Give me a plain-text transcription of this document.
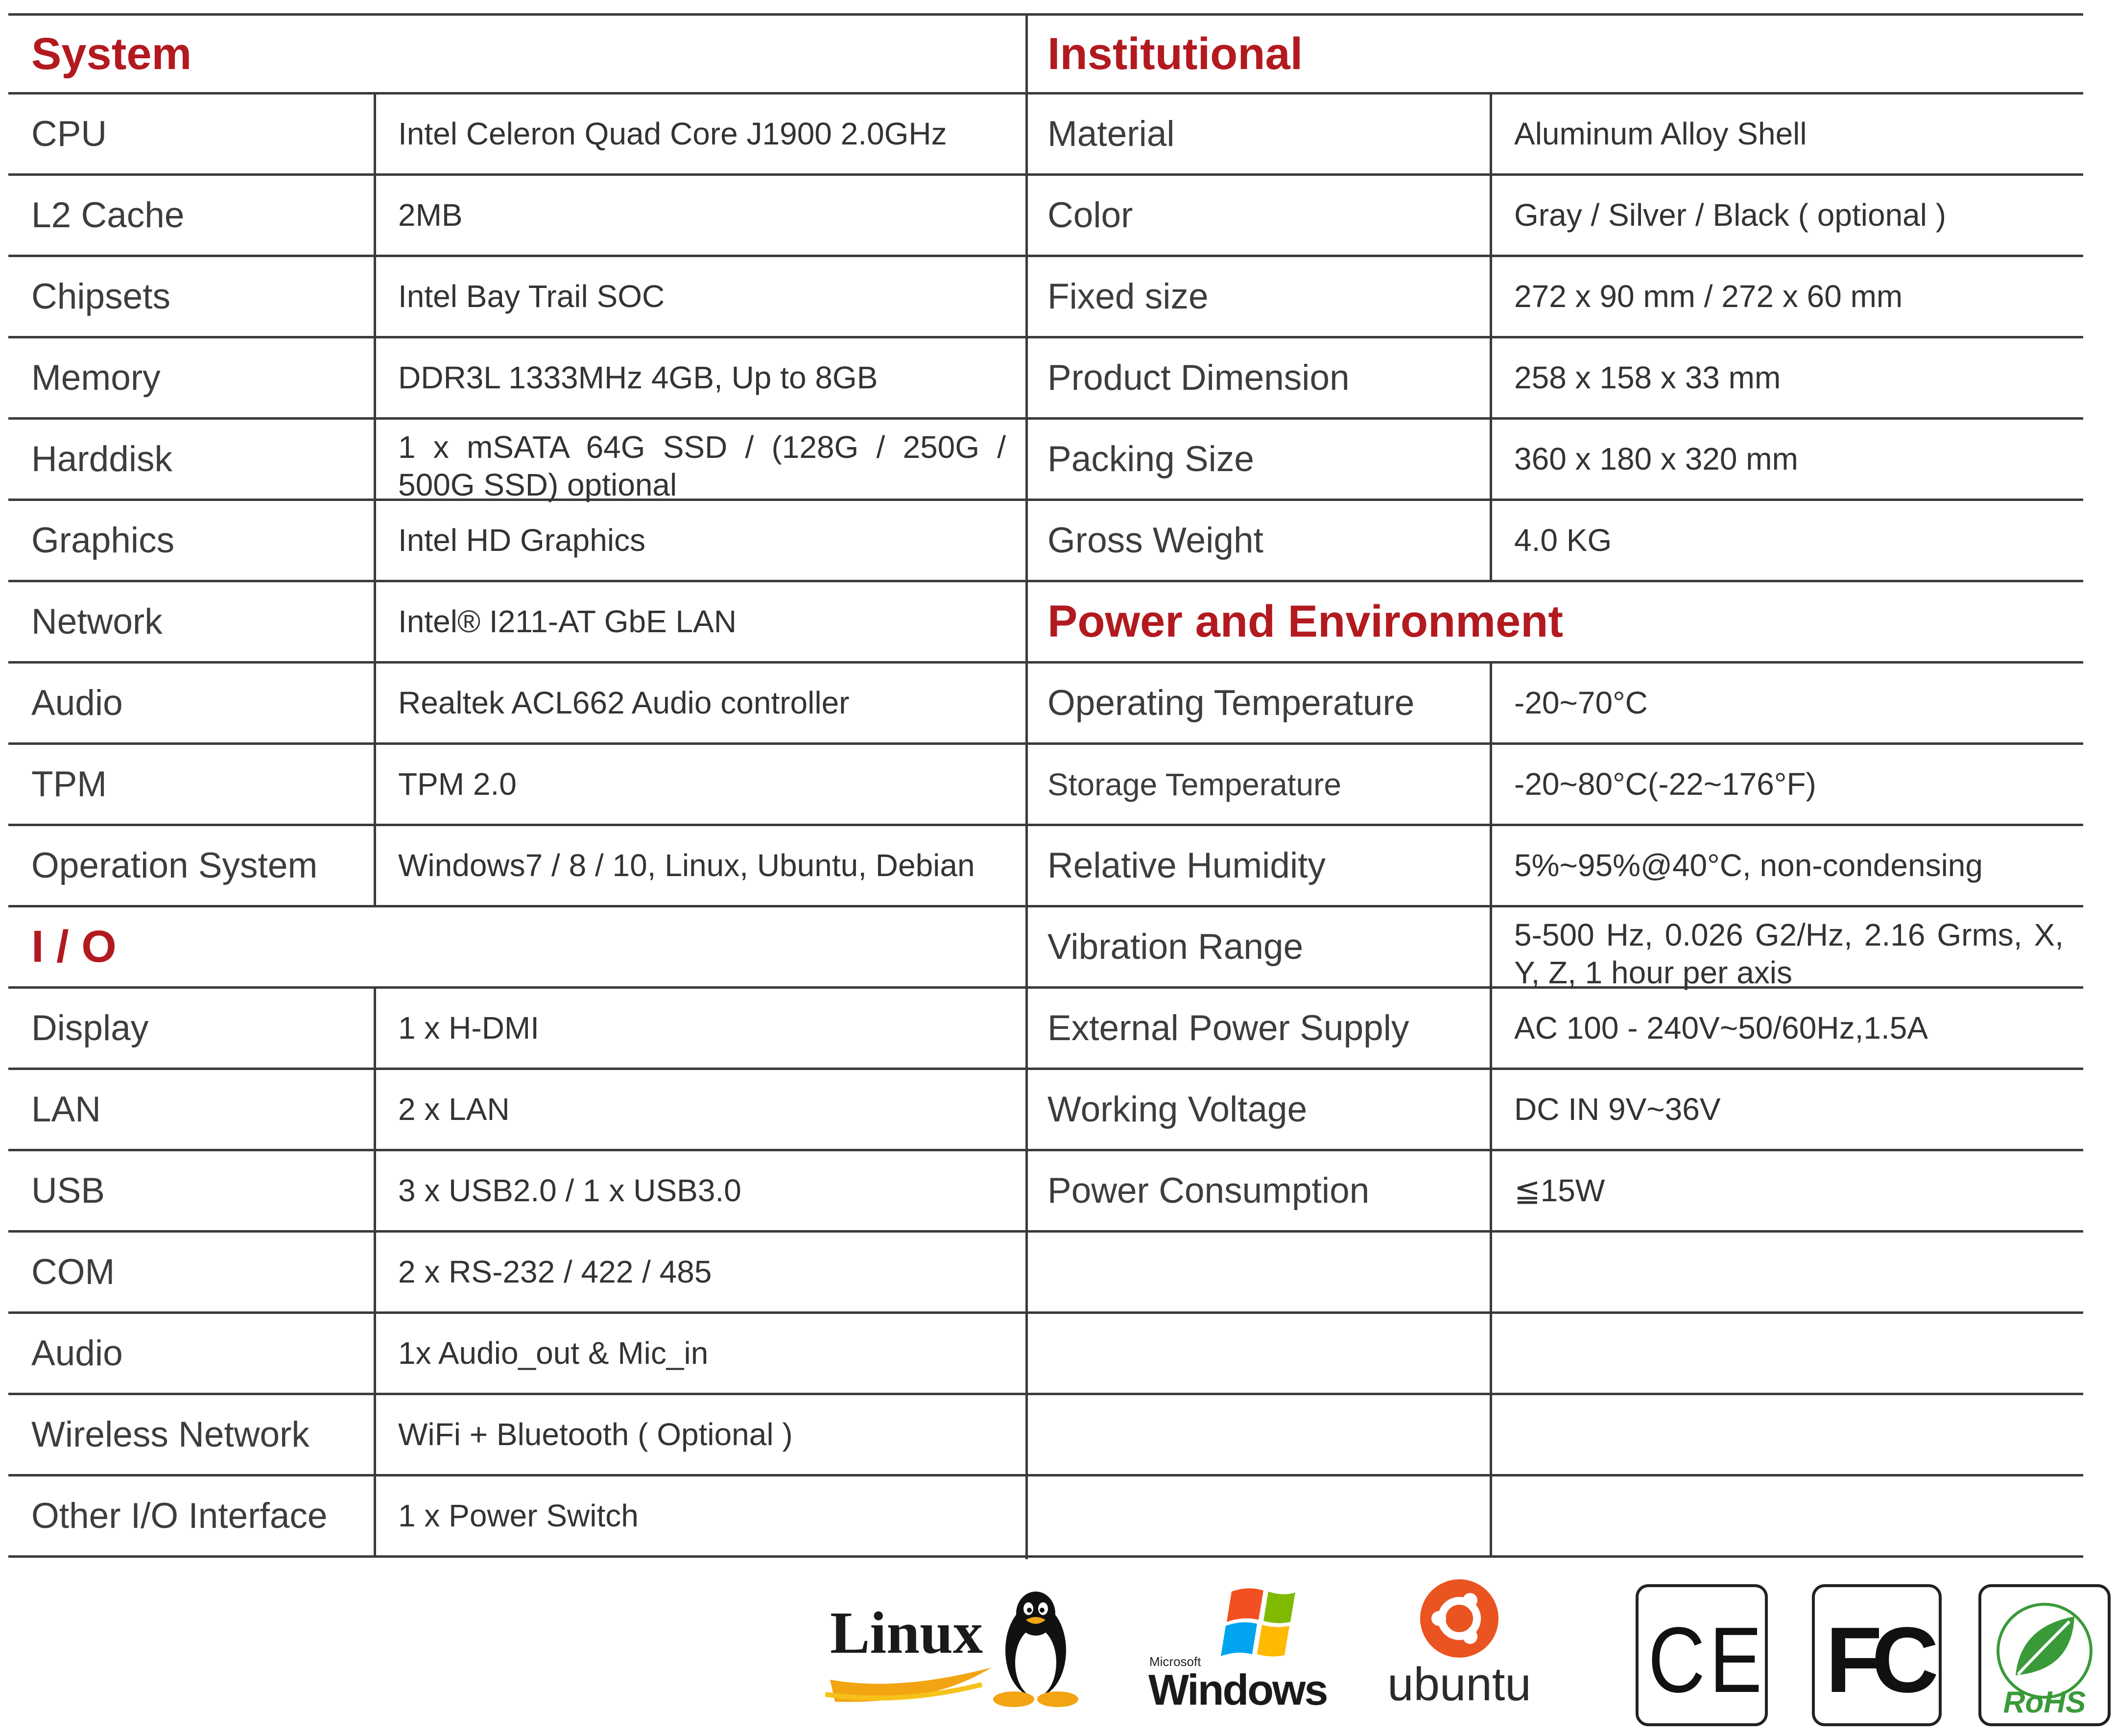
System
CPU	Intel Celeron Quad Core J1900 2.0GHz
L2 Cache	2MB
Chipsets	Intel Bay Trail SOC
Memory	DDR3L 1333MHz 4GB, Up to 8GB
Harddisk	1 x mSATA 64G SSD / (128G / 250G / 500G SSD) optional
Graphics	Intel HD Graphics
Network	Intel® I211-AT GbE LAN
Audio	Realtek ACL662 Audio controller
TPM	TPM 2.0
Operation System	Windows7 / 8 / 10, Linux, Ubuntu, Debian
I / O
Display	1 x H-DMI
LAN	2 x LAN
USB	3 x USB2.0 / 1 x USB3.0
COM	2 x RS-232 / 422 / 485
Audio	1x Audio_out & Mic_in
Wireless Network	WiFi + Bluetooth ( Optional )
Other I/O Interface	1 x Power Switch
Institutional
Material	Aluminum Alloy Shell
Color	Gray / Silver / Black ( optional )
Fixed size	272 x 90 mm / 272 x 60 mm
Product Dimension	258 x 158 x 33 mm
Packing Size	360 x 180 x 320 mm
Gross Weight	4.0 KG
Power and Environment
Operating Temperature	-20~70°C
Storage Temperature	-20~80°C(-22~176°F)
Relative Humidity	5%~95%@40°C, non-condensing
Vibration Range	5-500 Hz, 0.026 G2/Hz, 2.16 Grms, X, Y, Z, 1 hour per axis
External Power Supply	AC 100 - 240V~50/60Hz,1.5A
Working Voltage	DC IN 9V~36V
Power Consumption	≦15W
Linux	Microsoft
Windows ubuntu CE FC	RoHS
